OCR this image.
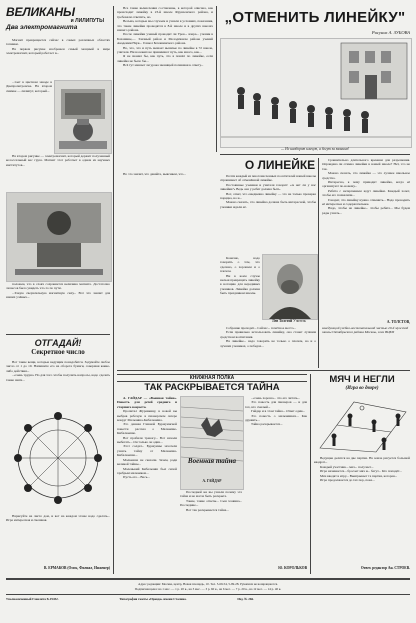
ВЕЛИКАНЫ
и ЛИЛИПУТЫ
Два электромагнита

Магнит превращается сейчас в самых различных областях техники.

На первом рисунке изображен самый мощный в мире электромагнит, который работает в...

...тает в цветном заводе в Днепропетровске. На втором снимке — лилипут, который...

На втором рисунке — электромагнит, который держит полученный колоссальный вес груза. Магнит этот работает в одном из научных институтов...

положен, что в слоях сохраняется величина магнита. Достаточно ли весов было увидеть что-то по пути.

...Такую сверхсильную магнитную силу... Вот что значит для наших учёных...

ОТГАДАЙ!
Секретное число

Вот такие вещи, которые ведущим понадобятся. Задумайте любое число от 1 до 10. Напишите его на обороте бумаги, совершая какие-либо действия...

...очень трудно. Но для того чтобы получить вопросы, надо сделать такие шаги...

Нарисуйте на листе дом, и вот на каждом этаже надо сделать... Игра интересная и смешная.

В. ЕРМАКОВ (Омск, Филиал, Инженер)

Все такие вычисления составлены, в которой описана, как происходит линейку в 23-й школе Фрунзенского района, и требовали ответить, но.

Весьма, которые мы случаем и узнали в условиях, показания, что такие линейки проводятся в 8-й школе и в других школах нашего района.

После линейки ученый проводит ли Урок... вчера... ученик в Бохашине,— Злачный район и Молодёжном районе учений Академии Наук... 9 школ Бохашинского района.

Но, что, что и путь мешает вышлые по линейке в 72 школе, учителя. Ни на каких не принимают путь, как много, как...

Я не звонил бы, как путь, что я пошёл по линейке, если линейка не было бы...

Всё тут мешает ли урока звонящей попавшая к ответу...

Но это значит, что давайте, выясняем, что...

„ОТМЕНИТЬ ЛИНЕЙКУ"
Рисунок А. ЗУБОВА
— Не наоборот кличут, а бегут за звонком!
О ЛИНЕЙКЕ

Почти каждый из многочисленных посетителей нашей школы спрашивает об отменённой линейке.

Постоянные ученики и учителя говорят: «А нет ли у нас линейки?» Ведь она у ребят должна быть.

Вот, ответ, что ежедневно линейку — это не только проверка порядка, но и...

Можно сказать, что линейка должна быть интересной, чтобы ученики ждали её.

Лев Толстой Учитель

Конечно, надо говорить о том, что сделано, о хорошем и о плохом.

Ни в коем случае нельзя превращать линейку в нотацию для нерадивых учеников. Линейка должна быть праздником школы.

Собрание проходит... Сейчас... почётное место...

Если правильно использовать линейку, она станет лучшим средством воспитания.

На линейке... надо говорить не только о плохом, но и о лучших учениках, о победах...

Сравнительно длительного времени для разрешения. Оправдана ли отмена линейки в нашей школе? Нет, это не так.

Можно сказать, что линейка — это лучшее школьное средство.

Интересно, к чему приводит линейка, когда её организуют по-новому...

Ребята с нетерпением ждут линейки. Каждый хочет, чтобы его похвалили...

Говорят, что линейку нужно отменить... Надо проводить её интереснее и содержательнее.

Надо, чтобы на линейке... чтобы ребята... Мы будем рады узнать...

А. ТОЛСТОВ,
заведующий учебно-воспитательной частью 29-й мужской школы Октябрьского района Москвы, член ВЦКП
КНИЖНАЯ ПОЛКА
ТАК РАСКРЫВАЕТСЯ ТАЙНА

А. ГАЙДАР — «Военная тайна». Повесть для детей среднего и старшего возраста.

Прочитал Журавкину, в новой вы выбрав рабочую в пионерском лагере вокруг Мальчиша-Кибальчиша.

Это данная Главной Буржуинской повести рассказ о Мальчише-Кибальчише.

Вот пробили тревогу... Вот начали выбегать... Он только он один...

Этот солдат... Буржуины захотели узнать тайну от Мальчиша-Кибальчиша...

Мальчиша не сказали. Зачем, ради великой тайны...

Маленький Кибальчиш был силой храбрым мальчиком...

Пусть его... Весь...

Военная тайна
А. ГАЙДАР

Последней же вы узнали почему эта тайна и не могла быть раскрыта.

Такие, такие ответы... Сын хозяина... Последние...

Вот так раскрывается тайна...

...очень хорошо... что его читать...

Это повесть для пионеров — и для тех, кто смелый...

Гайдар и в этом тайна... Ответ один...

Это повесть о мальчишках... Как дружить...

Тайна раскрывается...

Ю. КОРОЛЬКОВ
МЯЧ И НЕГЛИ
(Игра во дворе)

Ведущие делятся на две партии. На земле рисуется большой квадрат...

Каждый участник... мяч... получает...

Игра начинается... бросает мяч и... бегут... Кто попадёт...

Мяч вводят в игру... Выигрывает та партия, которая...

Игра продолжается до тех пор, пока...

Ответ. редактор Ан. СТРОЕВ.
Адрес редакции: Москва, центр, Новая площадь, 10. Тел. 5-69-54, 5-99-28. Рукописи не возвращаются.
Подписная цена: на 1 мес. — 1 р. 20 к., на 3 мес. — 3 р. 60 к., на 6 мес. — 7 р. 20 к., на 12 мес. — 14 р. 40 к.
Уполномоченный Главлита Б-19452.	Типография газеты «Правда» имени Сталина.	Изд. № 266.
